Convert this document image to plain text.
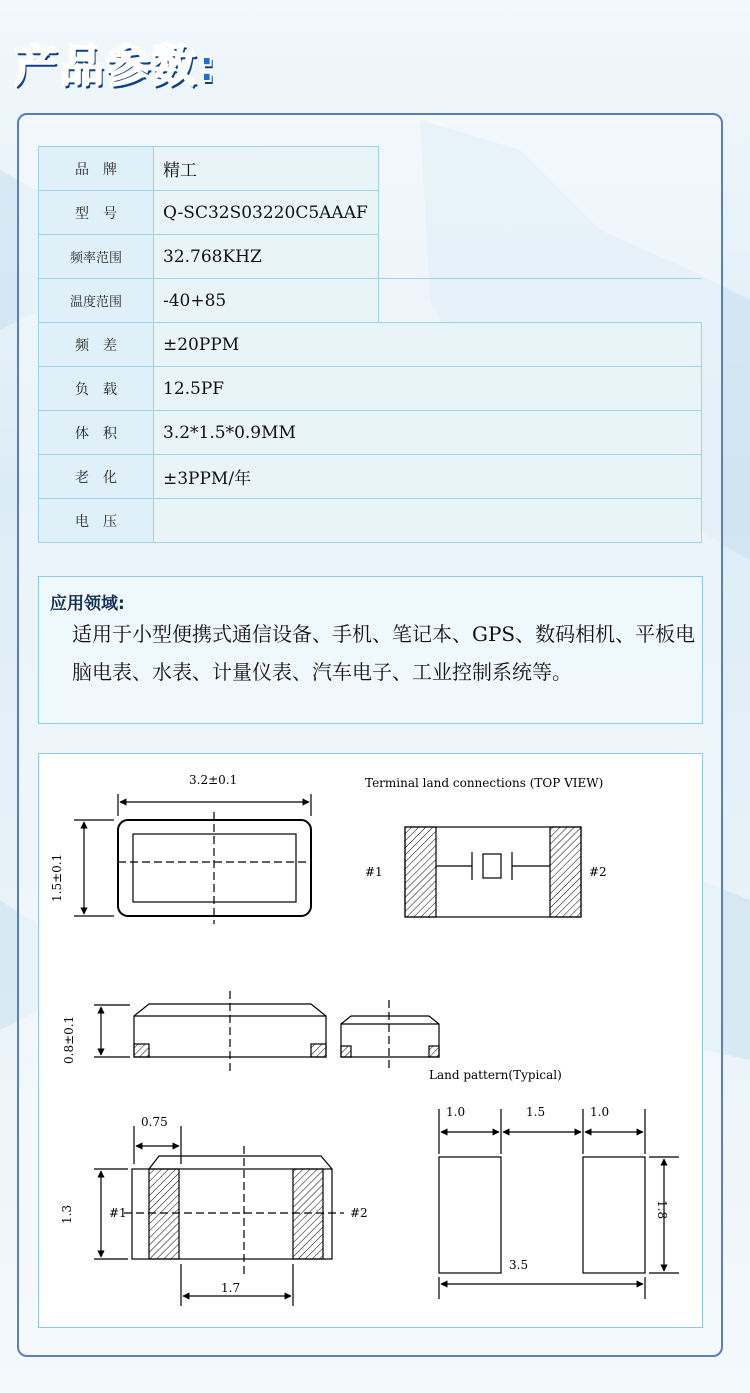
产品参数:
品　牌	精工	
型　号	Q-SC32S03220C5AAAF	
频率范围	32.768KHZ	
温度范围	-40+85	
频　差	±20PPM	
负　载	12.5PF	
体　积	3.2*1.5*0.9MM	
老　化	±3PPM/年	
电　压		
应用领域:
适用于小型便携式通信设备、手机、笔记本、GPS、数码相机、平板电脑电表、水表、计量仪表、汽车电子、工业控制系统等。
3.2±0.1
1.5±0.1
Terminal land connections (TOP VIEW)
#1	#2
0.8±0.1
Land pattern(Typical)
0.75
1.3	#1	#2
1.7
1.0	1.5	1.0
1.8
3.5
